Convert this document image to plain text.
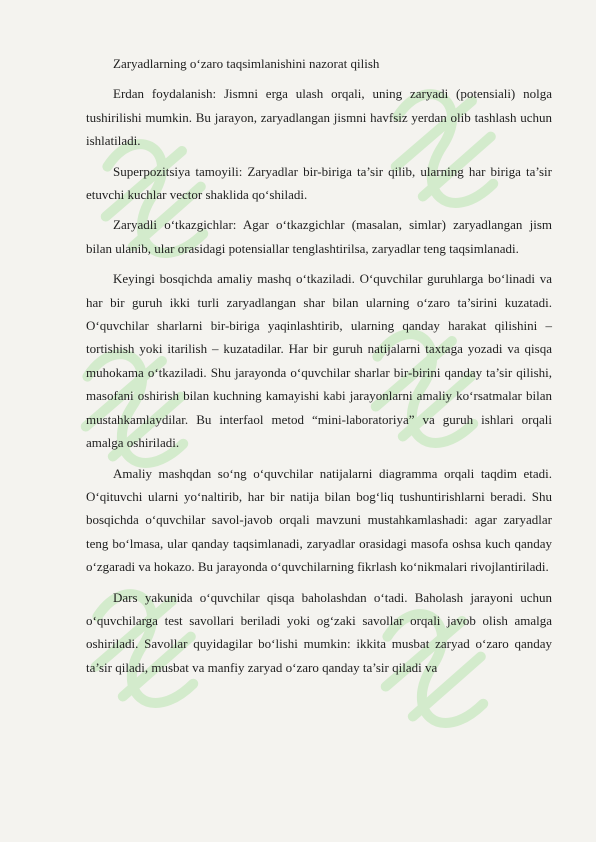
Zaryadlarning o‘zaro taqsimlanishini nazorat qilish

Erdan foydalanish: Jismni erga ulash orqali, uning zaryadi (potensiali) nolga tushirilishi mumkin. Bu jarayon, zaryadlangan jismni havfsiz yerdan olib tashlash uchun ishlatiladi.

Superpozitsiya tamoyili: Zaryadlar bir-biriga ta’sir qilib, ularning har biriga ta’sir etuvchi kuchlar vector shaklida qo‘shiladi.

Zaryadli o‘tkazgichlar: Agar o‘tkazgichlar (masalan, simlar) zaryadlangan jism bilan ulanib, ular orasidagi potensiallar tenglashtirilsa, zaryadlar teng taqsimlanadi.

Keyingi bosqichda amaliy mashq o‘tkaziladi. O‘quvchilar guruhlarga bo‘linadi va har bir guruh ikki turli zaryadlangan shar bilan ularning o‘zaro ta’sirini kuzatadi. O‘quvchilar sharlarni bir-biriga yaqinlashtirib, ularning qanday harakat qilishini – tortishish yoki itarilish – kuzatadilar. Har bir guruh natijalarni taxtaga yozadi va qisqa muhokama o‘tkaziladi. Shu jarayonda o‘quvchilar sharlar bir-birini qanday ta’sir qilishi, masofani oshirish bilan kuchning kamayishi kabi jarayonlarni amaliy ko‘rsatmalar bilan mustahkamlaydilar. Bu interfaol metod “mini-laboratoriya” va guruh ishlari orqali amalga oshiriladi.

Amaliy mashqdan so‘ng o‘quvchilar natijalarni diagramma orqali taqdim etadi. O‘qituvchi ularni yo‘naltirib, har bir natija bilan bog‘liq tushuntirishlarni beradi. Shu bosqichda o‘quvchilar savol-javob orqali mavzuni mustahkamlashadi: agar zaryadlar teng bo‘lmasa, ular qanday taqsimlanadi, zaryadlar orasidagi masofa oshsa kuch qanday o‘zgaradi va hokazo. Bu jarayonda o‘quvchilarning fikrlash ko‘nikmalari rivojlantiriladi.

Dars yakunida o‘quvchilar qisqa baholashdan o‘tadi. Baholash jarayoni uchun o‘quvchilarga test savollari beriladi yoki og‘zaki savollar orqali javob olish amalga oshiriladi. Savollar quyidagilar bo‘lishi mumkin: ikkita musbat zaryad o‘zaro qanday ta’sir qiladi, musbat va manfiy zaryad o‘zaro qanday ta’sir qiladi va
